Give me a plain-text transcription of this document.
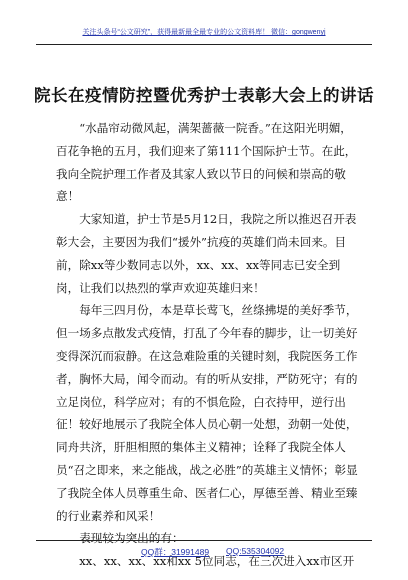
关注头条号“公文研究”，获得最新最全最专业的公文资料库！ 微信：gongwenyj
院长在疫情防控暨优秀护士表彰大会上的讲话

“水晶帘动微风起，满架蔷薇一院香。”在这阳光明媚，百花争艳的五月，我们迎来了第111个国际护士节。在此，我向全院护理工作者及其家人致以节日的问候和崇高的敬意！

大家知道，护士节是5月12日，我院之所以推迟召开表彰大会，主要因为我们“援外”抗疫的英雄们尚未回来。目前，除xx等少数同志以外，xx、xx、xx等同志已安全到岗，让我们以热烈的掌声欢迎英雄归来！

每年三四月份，本是草长莺飞，丝绦拂堤的美好季节，但一场多点散发式疫情，打乱了今年春的脚步，让一切美好变得深沉而寂静。在这急难险重的关键时刻，我院医务工作者，胸怀大局，闻令而动。有的听从安排，严防死守；有的立足岗位，科学应对；有的不惧危险，白衣持甲，逆行出征！较好地展示了我院全体人员心朝一处想，劲朝一处使，同舟共济，肝胆相照的集体主义精神；诠释了我院全体人员“召之即来，来之能战，战之必胜”的英雄主义情怀；彰显了我院全体人员尊重生命、医者仁心，厚德至善、精业至臻的行业素养和风采！

表现较为突出的有：

xx、xx、xx、xx和xx 5位同志，在三次进入xx市区开

QQ群：31991489 QQ:535304092
